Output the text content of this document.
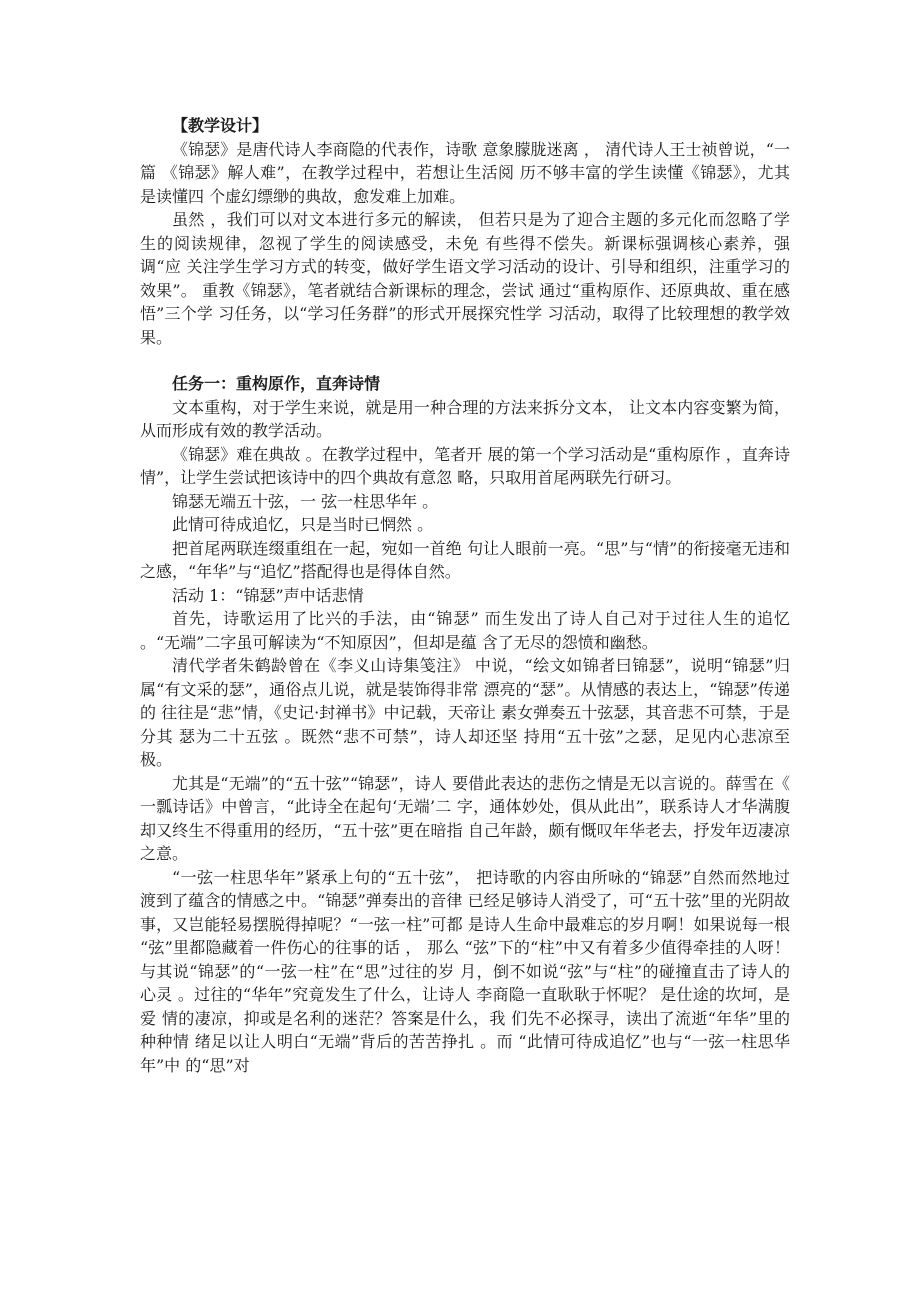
【教学设计】

《锦瑟》是唐代诗人李商隐的代表作，诗歌 意象朦胧迷离 ， 清代诗人王士祯曾说，“一篇 《锦瑟》解人难”，在教学过程中，若想让生活阅 历不够丰富的学生读懂《锦瑟》，尤其是读懂四 个虚幻缥缈的典故，愈发难上加难。

虽然 ，我们可以对文本进行多元的解读， 但若只是为了迎合主题的多元化而忽略了学 生的阅读规律，忽视了学生的阅读感受，未免 有些得不偿失。新课标强调核心素养，强调“应 关注学生学习方式的转变，做好学生语文学习活动的设计、引导和组织，注重学习的效果”。 重教《锦瑟》，笔者就结合新课标的理念，尝试 通过“重构原作、还原典故、重在感悟”三个学 习任务，以“学习任务群”的形式开展探究性学 习活动，取得了比较理想的教学效果。

任务一：重构原作，直奔诗情

文本重构，对于学生来说，就是用一种合理的方法来拆分文本， 让文本内容变繁为简， 从而形成有效的教学活动。

《锦瑟》难在典故 。在教学过程中，笔者开 展的第一个学习活动是“重构原作 ，直奔诗 情”，让学生尝试把该诗中的四个典故有意忽 略，只取用首尾两联先行研习。

锦瑟无端五十弦，一 弦一柱思华年 。

此情可待成追忆，只是当时已惘然 。

把首尾两联连缀重组在一起，宛如一首绝 句让人眼前一亮。“思”与“情”的衔接毫无违和 之感，“年华”与“追忆”搭配得也是得体自然。

活动 1：“锦瑟”声中话悲情

首先，诗歌运用了比兴的手法，由“锦瑟” 而生发出了诗人自己对于过往人生的追忆 。“无端”二字虽可解读为“不知原因”，但却是蕴 含了无尽的怨愤和幽愁。

清代学者朱鹤龄曾在《李义山诗集笺注》 中说，“绘文如锦者曰锦瑟”，说明“锦瑟”归属“有文采的瑟”，通俗点儿说，就是装饰得非常 漂亮的“瑟”。从情感的表达上，“锦瑟”传递的 往往是“悲”情，《史记·封禅书》中记载，天帝让 素女弹奏五十弦瑟，其音悲不可禁，于是分其 瑟为二十五弦 。既然“悲不可禁”，诗人却还坚 持用“五十弦”之瑟，足见内心悲凉至极。

尤其是“无端”的“五十弦”“锦瑟”，诗人 要借此表达的悲伤之情是无以言说的。薛雪在《 一瓢诗话》中曾言，“此诗全在起句‘无端’二 字，通体妙处，俱从此出”，联系诗人才华满腹 却又终生不得重用的经历，“五十弦”更在暗指 自己年龄，颇有慨叹年华老去，抒发年迈凄凉 之意。

“一弦一柱思华年”紧承上句的“五十弦”， 把诗歌的内容由所咏的“锦瑟”自然而然地过 渡到了蕴含的情感之中。“锦瑟”弹奏出的音律 已经足够诗人消受了，可“五十弦”里的光阴故 事，又岂能轻易摆脱得掉呢？“一弦一柱”可都 是诗人生命中最难忘的岁月啊！如果说每一根 “弦”里都隐藏着一件伤心的往事的话 ， 那么 “弦”下的“柱”中又有着多少值得牵挂的人呀！ 与其说“锦瑟”的“一弦一柱”在“思”过往的岁 月，倒不如说“弦”与“柱”的碰撞直击了诗人的 心灵 。过往的“华年”究竟发生了什么，让诗人 李商隐一直耿耿于怀呢？ 是仕途的坎坷，是爱 情的凄凉，抑或是名利的迷茫？答案是什么，我 们先不必探寻，读出了流逝“年华”里的种种情 绪足以让人明白“无端”背后的苦苦挣扎 。而 “此情可待成追忆”也与“一弦一柱思华年”中 的“思”对
